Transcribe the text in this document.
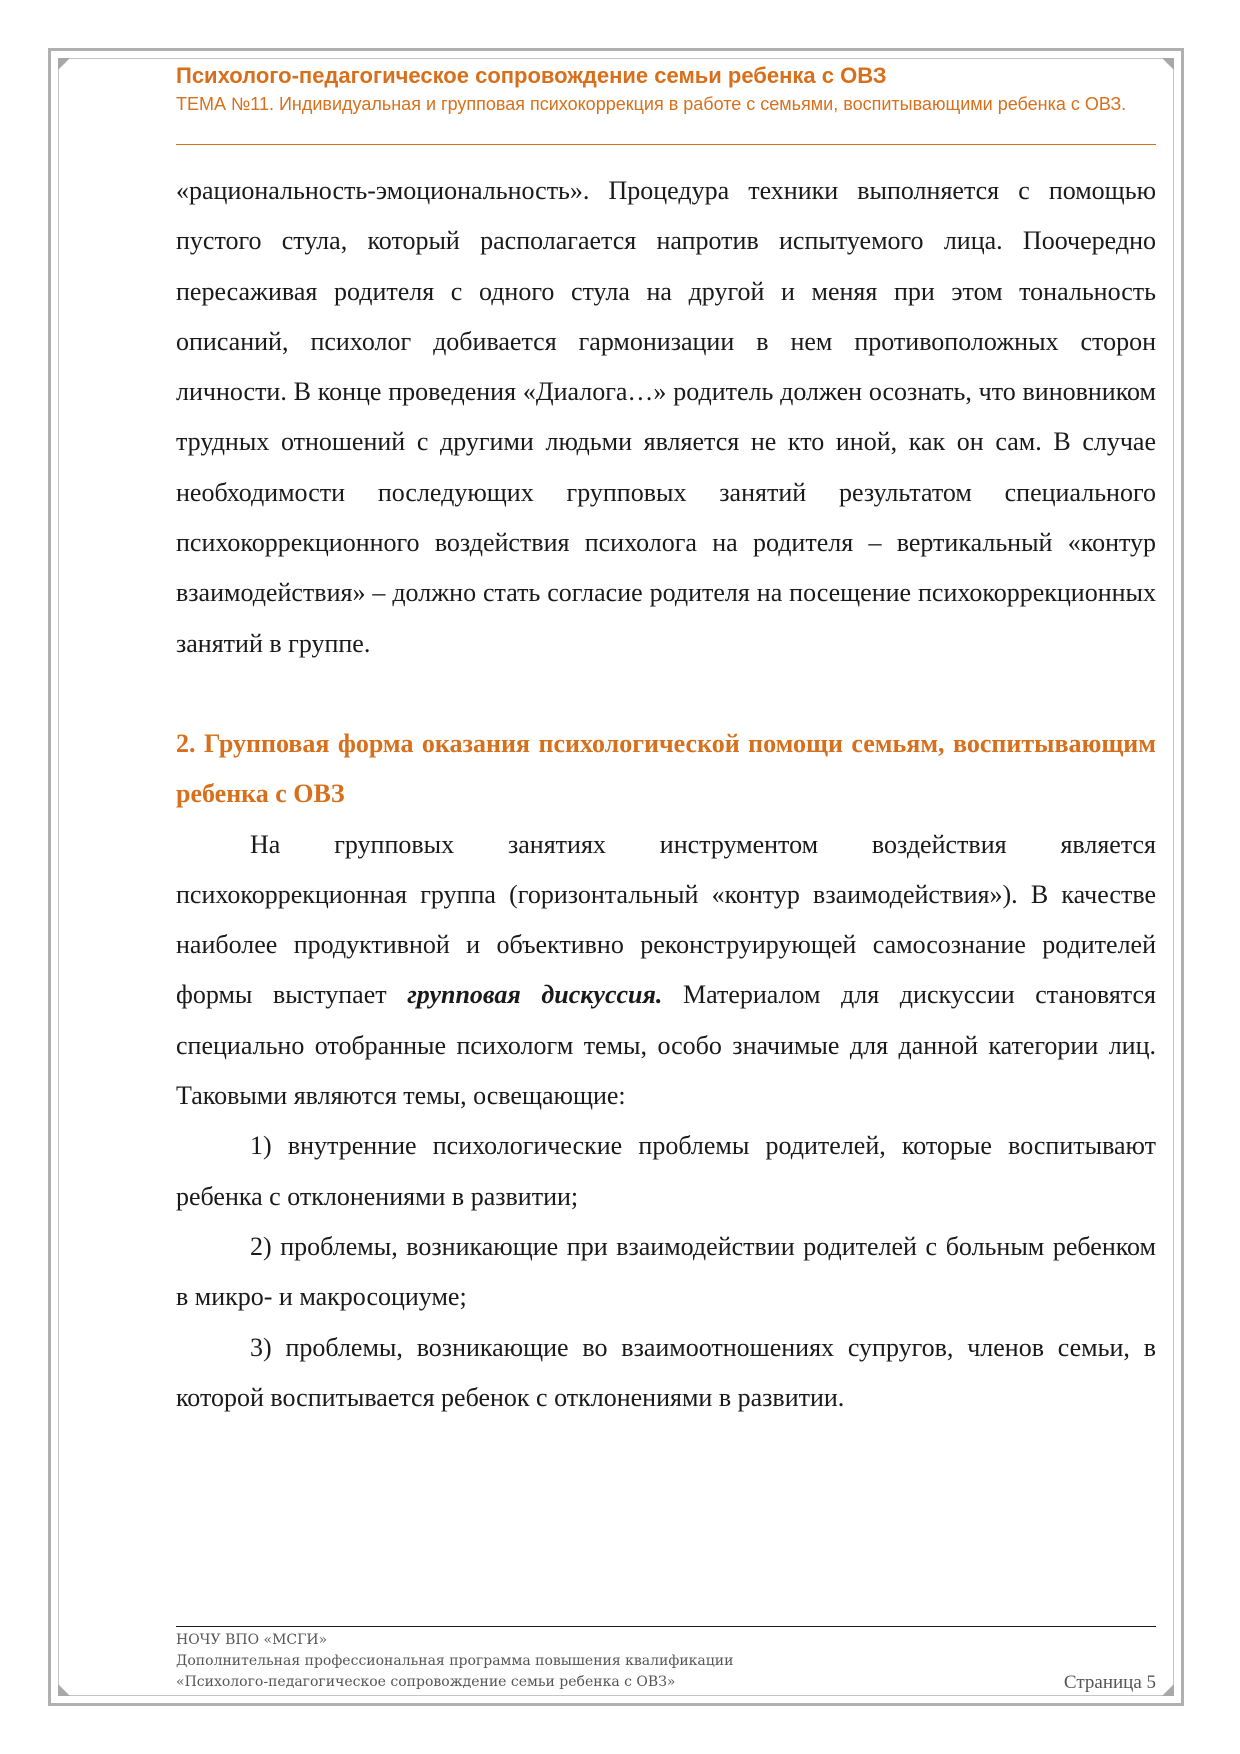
Психолого-педагогическое сопровождение семьи ребенка с ОВЗ
ТЕМА №11. Индивидуальная и групповая психокоррекция в работе с семьями, воспитывающими ребенка с ОВЗ.

«рациональность-эмоциональность». Процедура техники выполняется с помощью пустого стула, который располагается напротив испытуемого лица. Поочередно пересаживая родителя с одного стула на другой и меняя при этом тональность описаний, психолог добивается гармонизации в нем противоположных сторон личности. В конце проведения «Диалога…» родитель должен осознать, что виновником трудных отношений с другими людьми является не кто иной, как он сам. В случае необходимости последующих групповых занятий результатом специального психокоррекционного воздействия психолога на родителя – вертикальный «контур взаимодействия» – должно стать согласие родителя на посещение психокоррекционных занятий в группе.

2. Групповая форма оказания психологической помощи семьям, воспитывающим ребенка с ОВЗ

На групповых занятиях инструментом воздействия является психокоррекционная группа (горизонтальный «контур взаимодействия»). В качестве наиболее продуктивной и объективно реконструирующей самосознание родителей формы выступает групповая дискуссия. Материалом для дискуссии становятся специально отобранные психологм темы, особо значимые для данной категории лиц. Таковыми являются темы, освещающие:

1) внутренние психологические проблемы родителей, которые воспитывают ребенка с отклонениями в развитии;

2) проблемы, возникающие при взаимодействии родителей с больным ребенком в микро- и макросоциуме;

3) проблемы, возникающие во взаимоотношениях супругов, членов семьи, в которой воспитывается ребенок с отклонениями в развитии.

НОЧУ ВПО «МСГИ»
Дополнительная профессиональная программа повышения квалификации
«Психолого-педагогическое сопровождение семьи ребенка с ОВЗ»	Страница 5
